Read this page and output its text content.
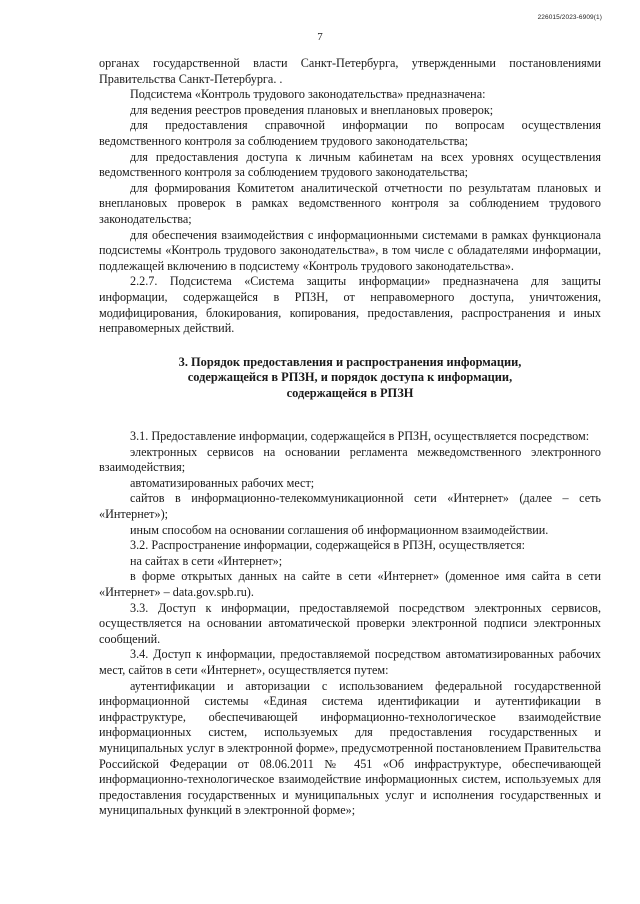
226015/2023-6909(1)
7

органах государственной власти Санкт-Петербурга, утвержденными постановлениями Правительства Санкт-Петербурга. .

Подсистема «Контроль трудового законодательства» предназначена:

для ведения реестров проведения плановых и внеплановых проверок;

для предоставления справочной информации по вопросам осуществления ведомственного контроля за соблюдением трудового законодательства;

для предоставления доступа к личным кабинетам на всех уровнях осуществления ведомственного контроля за соблюдением трудового законодательства;

для формирования Комитетом аналитической отчетности по результатам плановых и внеплановых проверок в рамках ведомственного контроля за соблюдением трудового законодательства;

для обеспечения взаимодействия с информационными системами в рамках функционала подсистемы «Контроль трудового законодательства», в том числе с обладателями информации, подлежащей включению в подсистему «Контроль трудового законодательства».

2.2.7. Подсистема «Система защиты информации» предназначена для защиты информации, содержащейся в РПЗН, от неправомерного доступа, уничтожения, модифицирования, блокирования, копирования, предоставления, распространения и иных неправомерных действий.

3. Порядок предоставления и распространения информации,
содержащейся в РПЗН, и порядок доступа к информации,
содержащейся в РПЗН

3.1. Предоставление информации, содержащейся в РПЗН, осуществляется посредством:

электронных сервисов на основании регламента межведомственного электронного взаимодействия;

автоматизированных рабочих мест;

сайтов в информационно-телекоммуникационной сети «Интернет» (далее – сеть «Интернет»);

иным способом на основании соглашения об информационном взаимодействии.

3.2. Распространение информации, содержащейся в РПЗН, осуществляется:

на сайтах в сети «Интернет»;

в форме открытых данных на сайте в сети «Интернет» (доменное имя сайта в сети «Интернет» – data.gov.spb.ru).

3.3. Доступ к информации, предоставляемой посредством электронных сервисов, осуществляется на основании автоматической проверки электронной подписи электронных сообщений.

3.4. Доступ к информации, предоставляемой посредством автоматизированных рабочих мест, сайтов в сети «Интернет», осуществляется путем:

аутентификации и авторизации с использованием федеральной государственной информационной системы «Единая система идентификации и аутентификации в инфраструктуре, обеспечивающей информационно-технологическое взаимодействие информационных систем, используемых для предоставления государственных и муниципальных услуг в электронной форме», предусмотренной постановлением Правительства Российской Федерации от 08.06.2011 № 451 «Об инфраструктуре, обеспечивающей информационно-технологическое взаимодействие информационных систем, используемых для предоставления государственных и муниципальных услуг и исполнения государственных и муниципальных функций в электронной форме»;
